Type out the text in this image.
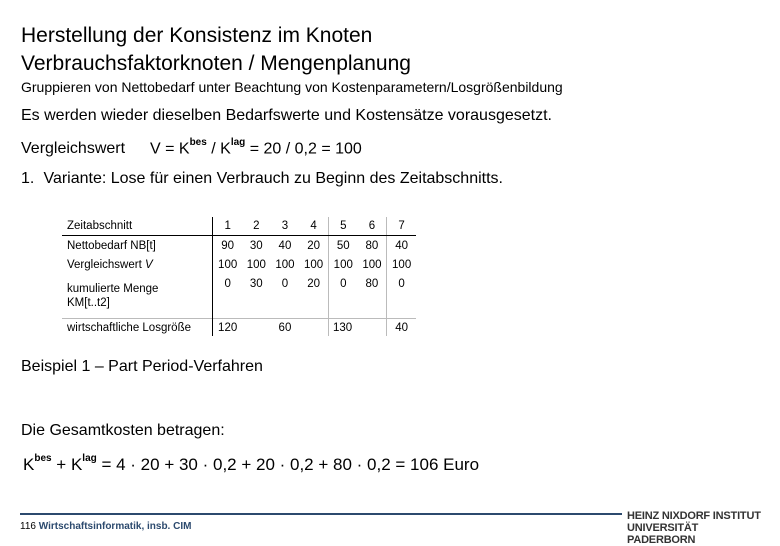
Herstellung der Konsistenz im Knoten
Verbrauchsfaktorknoten / Mengenplanung
Gruppieren von Nettobedarf unter Beachtung von Kostenparametern/Losgrößenbildung
Es werden wieder dieselben Bedarfswerte und Kostensätze vorausgesetzt.
Vergleichswert $V = K^{bes} / K^{lag} = 20 / 0,2 = 100$
1. Variante: Lose für einen Verbrauch zu Beginn des Zeitabschnitts.
Zeitabschnitt	1	2	3	4	5	6	7
Nettobedarf NB[t]	90	30	40	20	50	80	40
Vergleichswert V	100	100	100	100	100	100	100

kumulierte Menge
KM[t..t2]	0	30	0	20	0	80	0
wirtschaftliche Losgröße	120	60			130		40
Beispiel 1 – Part Period-Verfahren
Die Gesamtkosten betragen:
$K^{bes} + K^{lag} = 4 \cdot 20 + 30 \cdot 0,2 + 20 \cdot 0,2 + 80 \cdot 0,2 = 106$ Euro
116 Wirtschaftsinformatik, insb. CIM
HEINZ NIXDORF INSTITUT
UNIVERSITÄT PADERBORN
